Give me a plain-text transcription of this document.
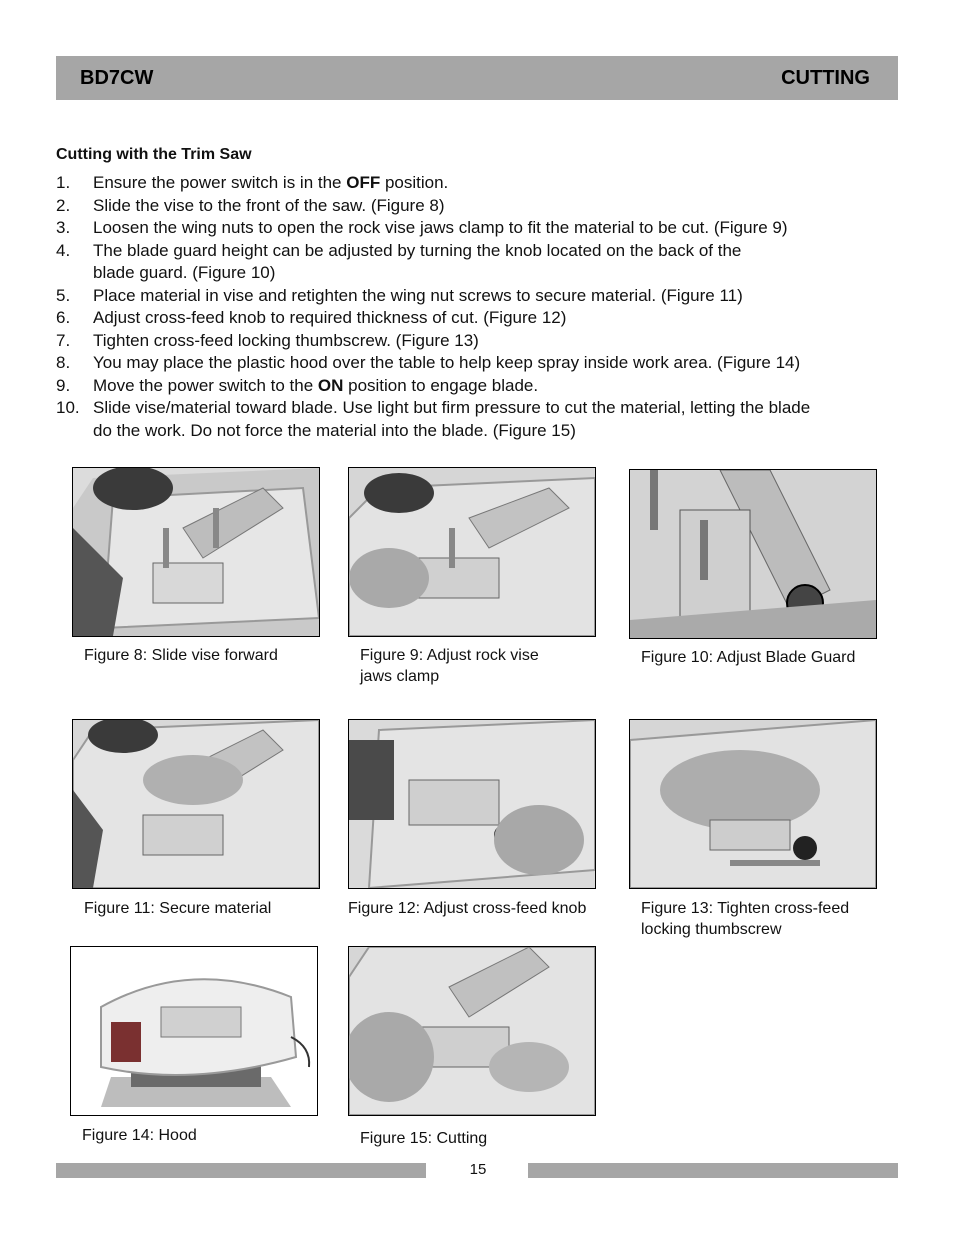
BD7CW	CUTTING
Cutting with the Trim Saw
1. Ensure the power switch is in the OFF position.
2. Slide the vise to the front of the saw. (Figure 8)
3. Loosen the wing nuts to open the rock vise jaws clamp to fit the material to be cut. (Figure 9)
4. The blade guard height can be adjusted by turning the knob located on the back of the
blade guard. (Figure 10)
5. Place material in vise and retighten the wing nut screws to secure material. (Figure 11)
6. Adjust cross-feed knob to required thickness of cut. (Figure 12)
7. Tighten cross-feed locking thumbscrew. (Figure 13)
8. You may place the plastic hood over the table to help keep spray inside work area. (Figure 14)
9. Move the power switch to the ON position to engage blade.
10. Slide vise/material toward blade. Use light but firm pressure to cut the material, letting the blade
do the work. Do not force the material into the blade. (Figure 15)
Figure 8: Slide vise forward	Figure 9: Adjust rock vise
jaws clamp
Figure 10: Adjust Blade Guard
Figure 11: Secure material	Figure 12: Adjust cross-feed knob	Figure 13: Tighten cross-feed
locking thumbscrew
Figure 14: Hood	Figure 15: Cutting
15
